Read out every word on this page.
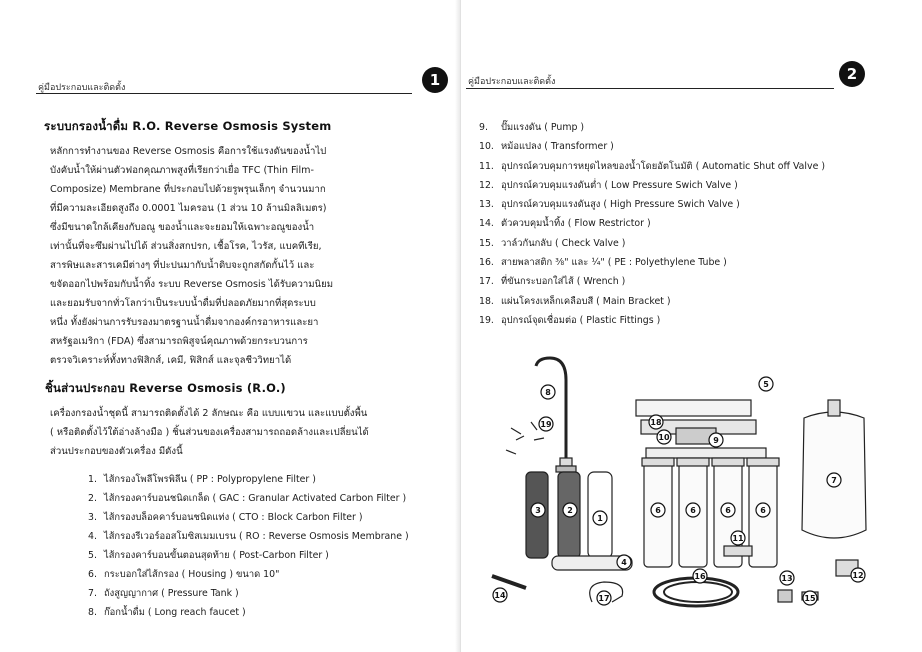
คู่มือประกอบและติดตั้ง	1
ระบบกรองน้ำดื่ม R.O. Reverse Osmosis System
หลักการทำงานของ Reverse Osmosis คือการใช้แรงดันของน้ำไป
บังคับน้ำให้ผ่านตัวฟอกคุณภาพสูงที่เรียกว่าเยื่อ TFC (Thin Film-
Composize) Membrane ที่ประกอบไปด้วยรูพรุนเล็กๆ จำนวนมาก
ที่มีความละเอียดสูงถึง 0.0001 ไมครอน (1 ส่วน 10 ล้านมิลลิเมตร)
ซึ่งมีขนาดใกล้เคียงกับอณู ของน้ำและจะยอมให้เฉพาะอณูของน้ำ
เท่านั้นที่จะซึมผ่านไปได้ ส่วนสิ่งสกปรก, เชื้อโรค, ไวรัส, แบคทีเรีย,
สารพิษและสารเคมีต่างๆ ที่ปะปนมากับน้ำดิบจะถูกสกัดกั้นไว้ และ
ขจัดออกไปพร้อมกับน้ำทิ้ง ระบบ Reverse Osmosis ได้รับความนิยม
และยอมรับจากทั่วโลกว่าเป็นระบบน้ำดื่มที่ปลอดภัยมากที่สุดระบบ
หนึ่ง ทั้งยังผ่านการรับรองมาตรฐานน้ำดื่มจากองค์กรอาหารและยา
สหรัฐอเมริกา (FDA) ซึ่งสามารถพิสูจน์คุณภาพด้วยกระบวนการ
ตรวจวิเคราะห์ทั้งทางฟิสิกส์, เคมี, ฟิสิกส์ และจุลชีววิทยาได้
ชิ้นส่วนประกอบ Reverse Osmosis (R.O.)
เครื่องกรองน้ำชุดนี้ สามารถติดตั้งได้ 2 ลักษณะ คือ แบบแขวน และแบบตั้งพื้น
( หรือติดตั้งไว้ใต้อ่างล้างมือ ) ชิ้นส่วนของเครื่องสามารถถอดล้างและเปลี่ยนได้
ส่วนประกอบของตัวเครื่อง มีดังนี้
1. ไส้กรองโพลีโพรพิลีน ( PP : Polypropylene Filter )
2. ไส้กรองคาร์บอนชนิดเกล็ด ( GAC : Granular Activated Carbon Filter )
3. ไส้กรองบล็อคคาร์บอนชนิดแท่ง ( CTO : Block Carbon Filter )
4. ไส้กรองรีเวอร์ออสโมซิสเมมเบรน ( RO : Reverse Osmosis Membrane )
5. ไส้กรองคาร์บอนขั้นตอนสุดท้าย ( Post-Carbon Filter )
6. กระบอกใส่ไส้กรอง ( Housing ) ขนาด 10"
7. ถังสูญญากาศ ( Pressure Tank )
8. ก๊อกน้ำดื่ม ( Long reach faucet )
คู่มือประกอบและติดตั้ง	2
9. ปั๊มแรงดัน ( Pump )
10. หม้อแปลง ( Transformer )
11. อุปกรณ์ควบคุมการหยุดไหลของน้ำโดยอัตโนมัติ ( Automatic Shut off Valve )
12. อุปกรณ์ควบคุมแรงดันต่ำ ( Low Pressure Swich Valve )
13. อุปกรณ์ควบคุมแรงดันสูง ( High Pressure Swich Valve )
14. ตัวควบคุมน้ำทิ้ง ( Flow Restrictor )
15. วาล์วกันกลับ ( Check Valve )
16. สายพลาสติก ⅜" และ ¼" ( PE : Polyethylene Tube )
17. ที่ขันกระบอกใส่ไส้ ( Wrench )
18. แผ่นโครงเหล็กเคลือบสี ( Main Bracket )
19. อุปกรณ์จุดเชื่อมต่อ ( Plastic Fittings )
1
2
3
4
5
6	6	6	6
7
8
9
10
11
12
13
14	15
16
17
18
19
